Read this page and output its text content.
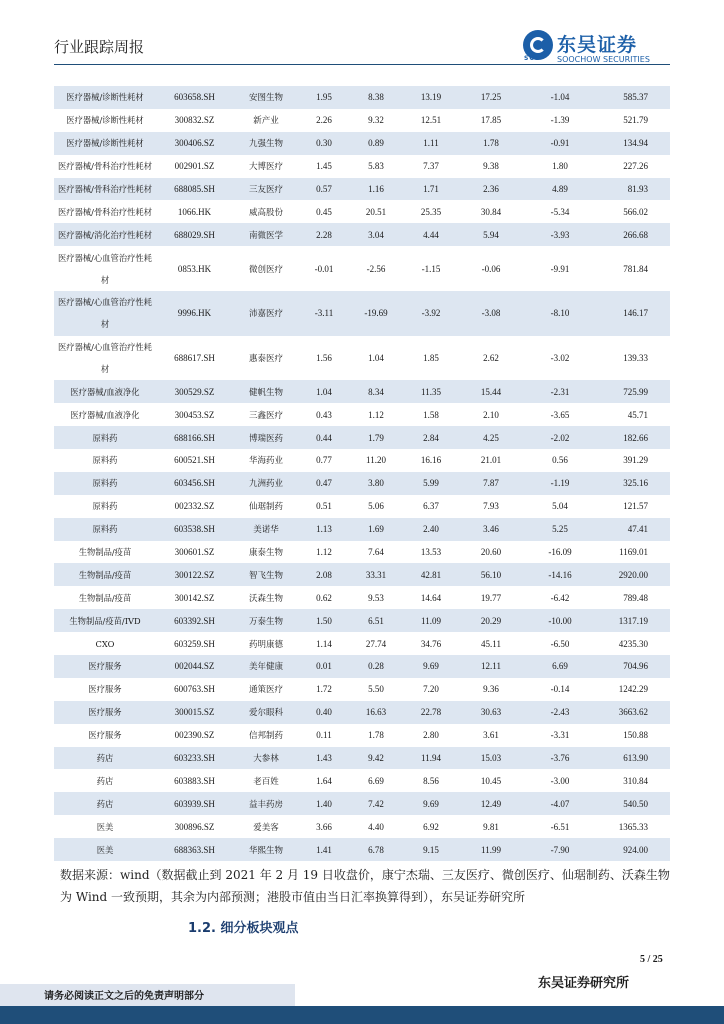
行业跟踪周报
SCS
东吴证券
SOOCHOW SECURITIES
医疗器械/诊断性耗材	603658.SH	安图生物	1.95	8.38	13.19	17.25	-1.04	585.37
医疗器械/诊断性耗材	300832.SZ	新产业	2.26	9.32	12.51	17.85	-1.39	521.79
医疗器械/诊断性耗材	300406.SZ	九强生物	0.30	0.89	1.11	1.78	-0.91	134.94
医疗器械/骨科治疗性耗材	002901.SZ	大博医疗	1.45	5.83	7.37	9.38	1.80	227.26
医疗器械/骨科治疗性耗材	688085.SH	三友医疗	0.57	1.16	1.71	2.36	4.89	81.93
医疗器械/骨科治疗性耗材	1066.HK	威高股份	0.45	20.51	25.35	30.84	-5.34	566.02
医疗器械/消化治疗性耗材	688029.SH	南微医学	2.28	3.04	4.44	5.94	-3.93	266.68
医疗器械/心血管治疗性耗材	0853.HK	微创医疗	-0.01	-2.56	-1.15	-0.06	-9.91	781.84
医疗器械/心血管治疗性耗材	9996.HK	沛嘉医疗	-3.11	-19.69	-3.92	-3.08	-8.10	146.17
医疗器械/心血管治疗性耗材	688617.SH	惠泰医疗	1.56	1.04	1.85	2.62	-3.02	139.33
医疗器械/血液净化	300529.SZ	健帆生物	1.04	8.34	11.35	15.44	-2.31	725.99
医疗器械/血液净化	300453.SZ	三鑫医疗	0.43	1.12	1.58	2.10	-3.65	45.71
原料药	688166.SH	博瑞医药	0.44	1.79	2.84	4.25	-2.02	182.66
原料药	600521.SH	华海药业	0.77	11.20	16.16	21.01	0.56	391.29
原料药	603456.SH	九洲药业	0.47	3.80	5.99	7.87	-1.19	325.16
原料药	002332.SZ	仙琚制药	0.51	5.06	6.37	7.93	5.04	121.57
原料药	603538.SH	美诺华	1.13	1.69	2.40	3.46	5.25	47.41
生物制品/疫苗	300601.SZ	康泰生物	1.12	7.64	13.53	20.60	-16.09	1169.01
生物制品/疫苗	300122.SZ	智飞生物	2.08	33.31	42.81	56.10	-14.16	2920.00
生物制品/疫苗	300142.SZ	沃森生物	0.62	9.53	14.64	19.77	-6.42	789.48
生物制品/疫苗/IVD	603392.SH	万泰生物	1.50	6.51	11.09	20.29	-10.00	1317.19
CXO	603259.SH	药明康德	1.14	27.74	34.76	45.11	-6.50	4235.30
医疗服务	002044.SZ	美年健康	0.01	0.28	9.69	12.11	6.69	704.96
医疗服务	600763.SH	通策医疗	1.72	5.50	7.20	9.36	-0.14	1242.29
医疗服务	300015.SZ	爱尔眼科	0.40	16.63	22.78	30.63	-2.43	3663.62
医疗服务	002390.SZ	信邦制药	0.11	1.78	2.80	3.61	-3.31	150.88
药店	603233.SH	大参林	1.43	9.42	11.94	15.03	-3.76	613.90
药店	603883.SH	老百姓	1.64	6.69	8.56	10.45	-3.00	310.84
药店	603939.SH	益丰药房	1.40	7.42	9.69	12.49	-4.07	540.50
医美	300896.SZ	爱美客	3.66	4.40	6.92	9.81	-6.51	1365.33
医美	688363.SH	华熙生物	1.41	6.78	9.15	11.99	-7.90	924.00
数据来源：wind（数据截止到 2021 年 2 月 19 日收盘价，康宁杰瑞、三友医疗、微创医疗、仙琚制药、沃森生物为 Wind 一致预期，其余为内部预测；港股市值由当日汇率换算得到），东吴证券研究所
1.2. 细分板块观点
5 / 25
东吴证券研究所
请务必阅读正文之后的免责声明部分
